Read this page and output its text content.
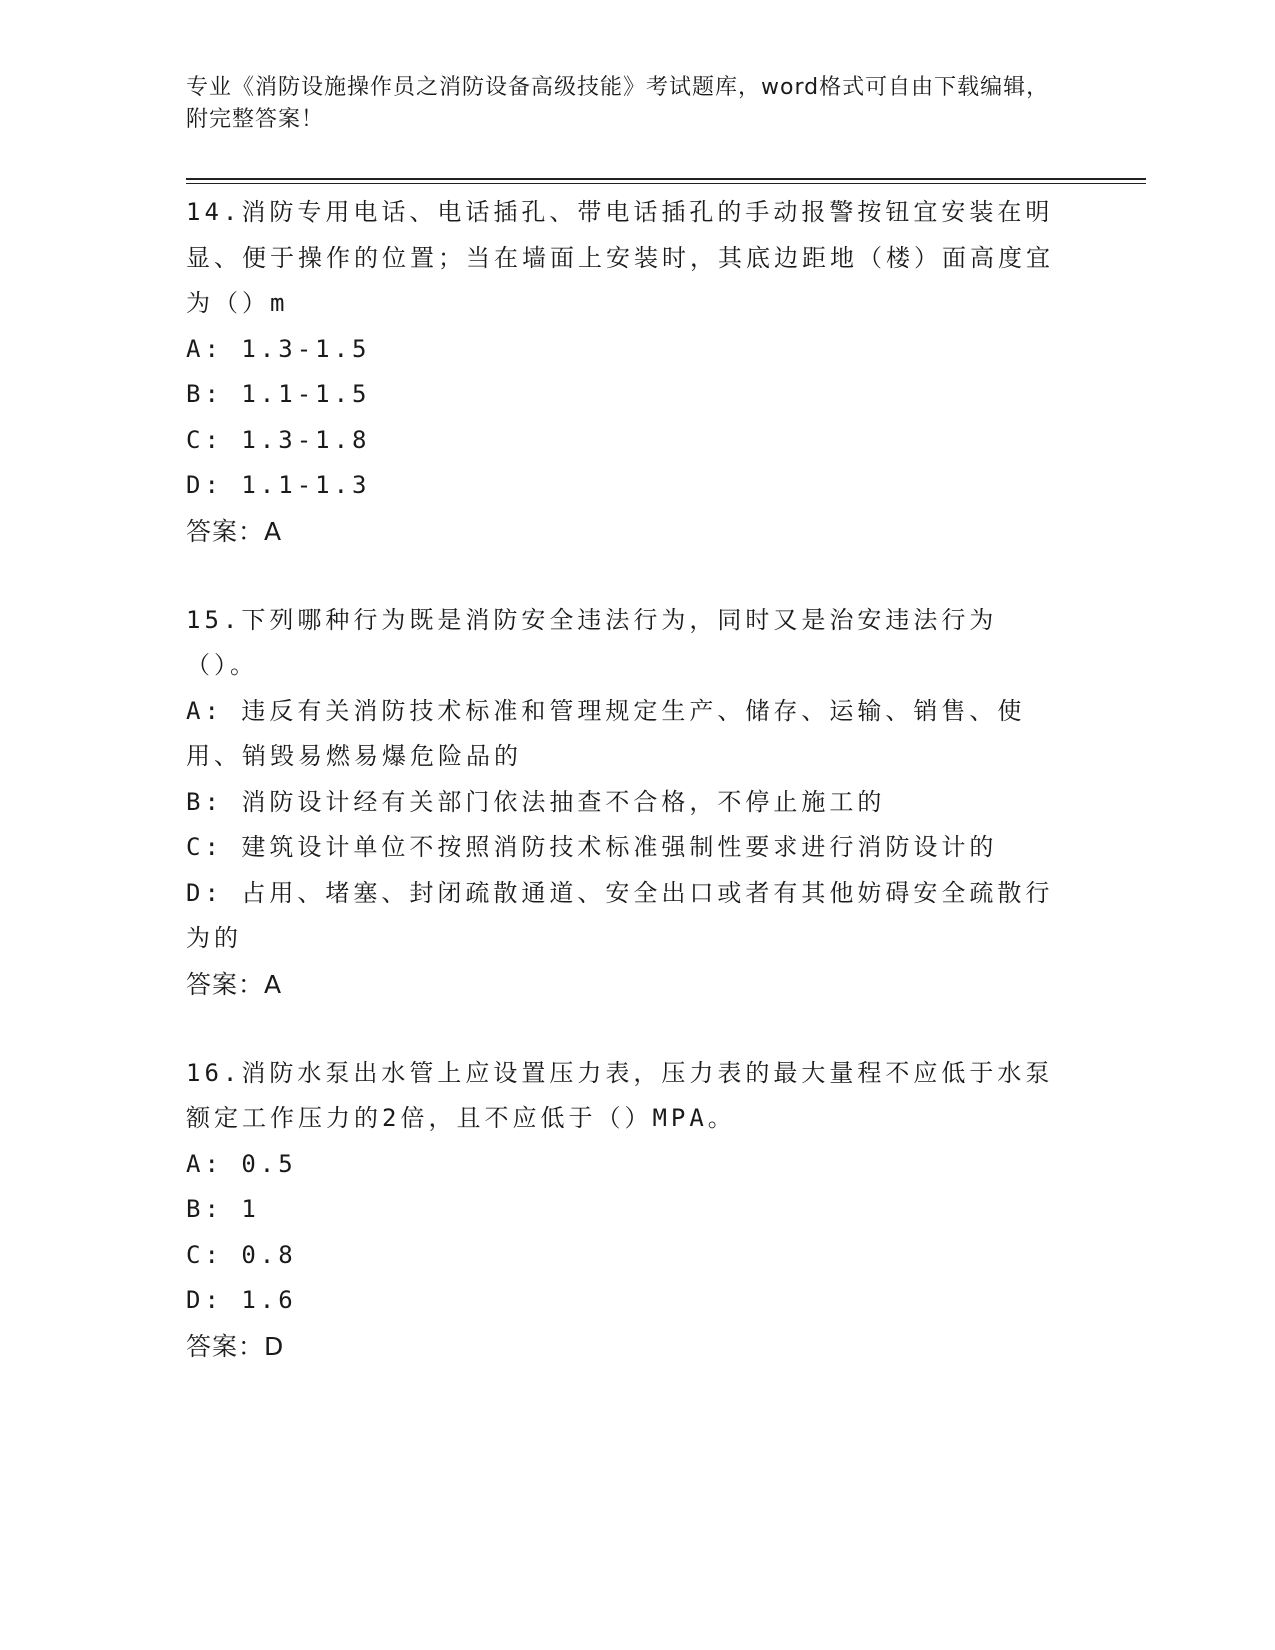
专业《消防设施操作员之消防设备高级技能》考试题库，word格式可自由下载编辑，附完整答案！

14.消防专用电话、电话插孔、带电话插孔的手动报警按钮宜安装在明显、便于操作的位置；当在墙面上安装时，其底边距地（楼）面高度宜为（）m

A: 1.3-1.5

B: 1.1-1.5

C: 1.3-1.8

D: 1.1-1.3

答案：A

15.下列哪种行为既是消防安全违法行为，同时又是治安违法行为（）。

A: 违反有关消防技术标准和管理规定生产、储存、运输、销售、使用、销毁易燃易爆危险品的

B: 消防设计经有关部门依法抽查不合格，不停止施工的

C: 建筑设计单位不按照消防技术标准强制性要求进行消防设计的

D: 占用、堵塞、封闭疏散通道、安全出口或者有其他妨碍安全疏散行为的

答案：A

16.消防水泵出水管上应设置压力表，压力表的最大量程不应低于水泵额定工作压力的2倍，且不应低于（）MPA。

A: 0.5

B: 1

C: 0.8

D: 1.6

答案：D
